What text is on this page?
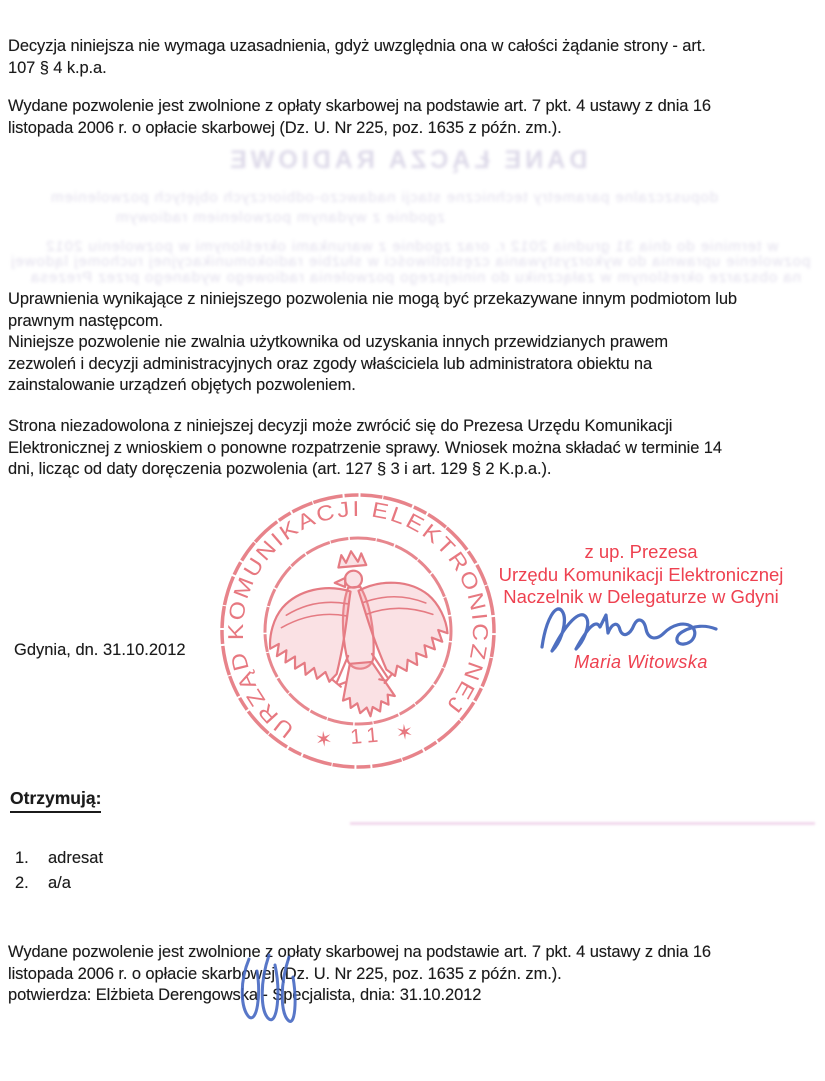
Decyzja niniejsza nie wymaga uzasadnienia, gdyż uwzględnia ona w całości żądanie strony - art.
107 § 4 k.p.a.
Wydane pozwolenie jest zwolnione z opłaty skarbowej na podstawie art. 7 pkt. 4 ustawy z dnia 16
listopada 2006 r. o opłacie skarbowej (Dz. U. Nr 225, poz. 1635 z późn. zm.).
DANE ŁĄCZA RADIOWE
dopuszczalne parametry techniczne stacji nadawczo-odbiorczych objętych pozwoleniem
zgodnie z wydanym pozwoleniem radiowym
w terminie do dnia 31 grudnia 2012 r. oraz zgodnie z warunkami określonymi w pozwoleniu 2012
pozwolenie uprawnia do wykorzystywania częstotliwości w służbie radiokomunikacyjnej ruchomej lądowej
na obszarze określonym w załączniku do niniejszego pozwolenia radiowego wydanego przez Prezesa
Uprawnienia wynikające z niniejszego pozwolenia nie mogą być przekazywane innym podmiotom lub
prawnym następcom.
Niniejsze pozwolenie nie zwalnia użytkownika od uzyskania innych przewidzianych prawem
zezwoleń i decyzji administracyjnych oraz zgody właściciela lub administratora obiektu na
zainstalowanie urządzeń objętych pozwoleniem.
Strona niezadowolona z niniejszej decyzji może zwrócić się do Prezesa Urzędu Komunikacji
Elektronicznej z wnioskiem o ponowne rozpatrzenie sprawy. Wniosek można składać w terminie 14
dni, licząc od daty doręczenia pozwolenia (art. 127 § 3 i art. 129 § 2 K.p.a.).
URZĄD KOMUNIKACJI ELEKTRONICZNEJ
✶ 11 ✶
z up. Prezesa
Urzędu Komunikacji Elektronicznej
Naczelnik w Delegaturze w Gdyni
Maria Witowska
Gdynia, dn. 31.10.2012
Otrzymują:
1. adresat
2. a/a
Wydane pozwolenie jest zwolnione z opłaty skarbowej na podstawie art. 7 pkt. 4 ustawy z dnia 16
listopada 2006 r. o opłacie skarbowej (Dz. U. Nr 225, poz. 1635 z późn. zm.).
potwierdza: Elżbieta Derengowska - Specjalista, dnia: 31.10.2012
